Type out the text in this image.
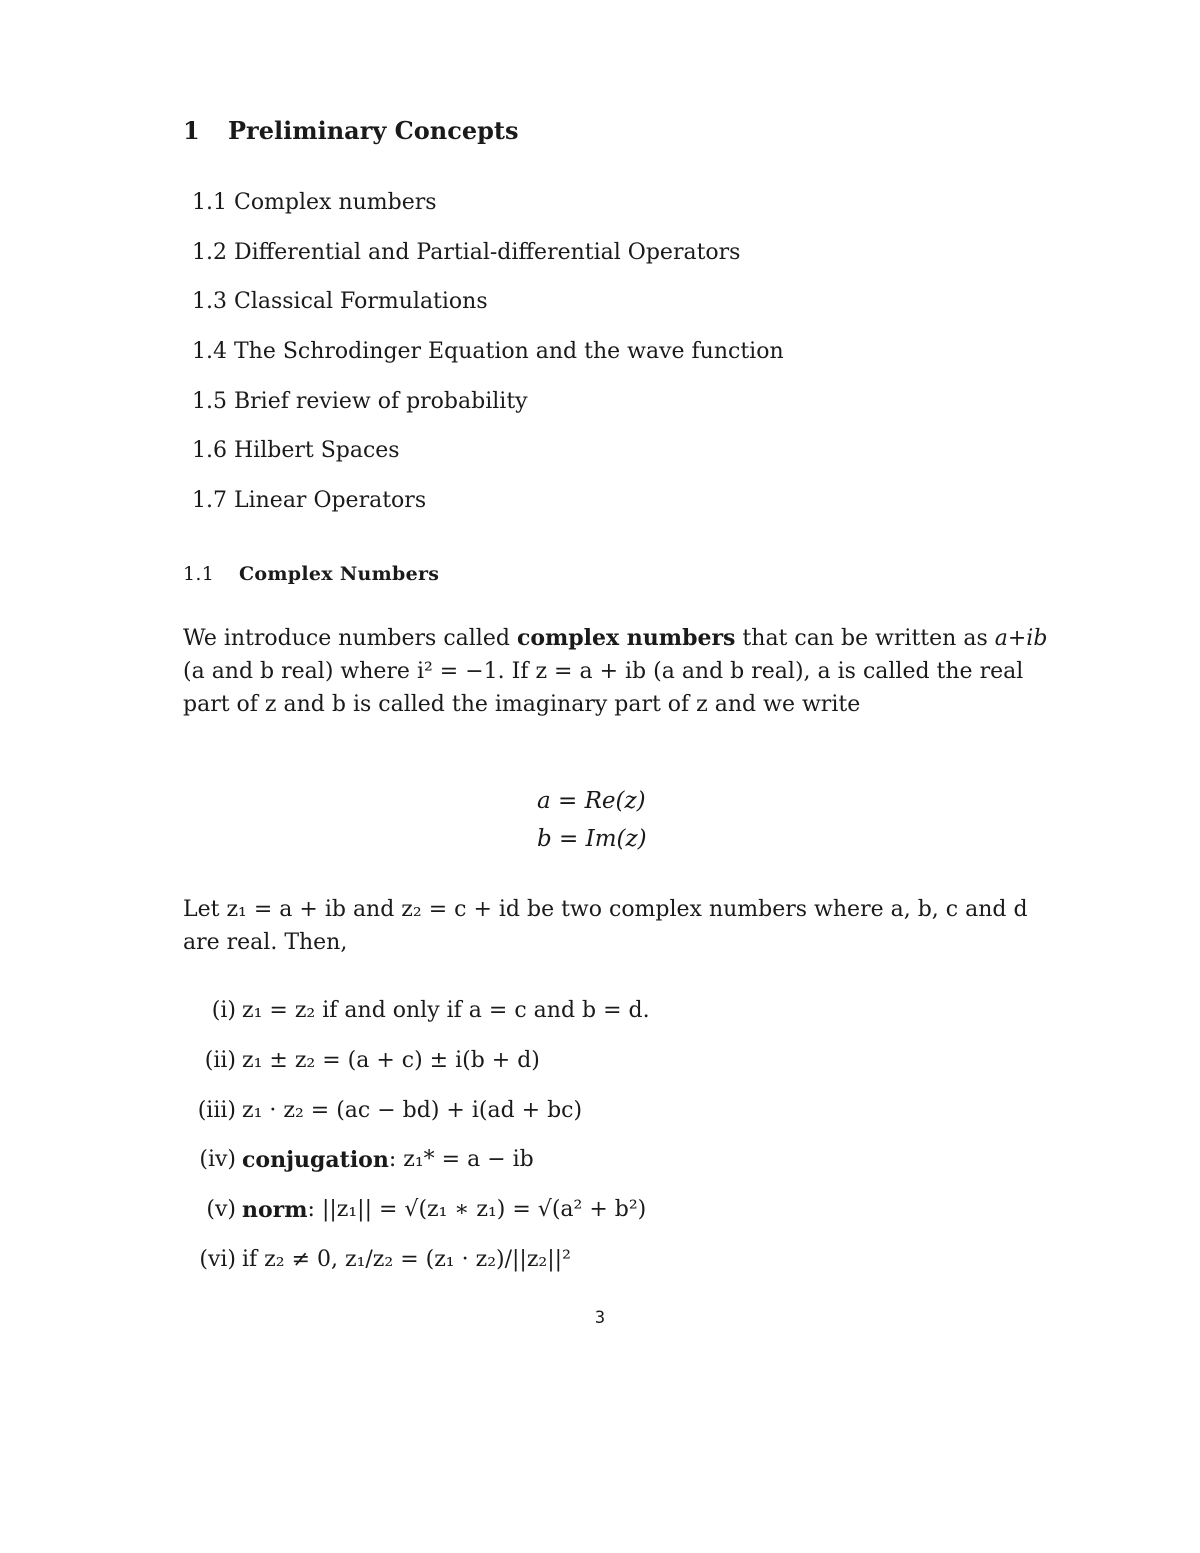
1 Preliminary Concepts
1.1 Complex numbers
1.2 Differential and Partial-differential Operators
1.3 Classical Formulations
1.4 The Schrodinger Equation and the wave function
1.5 Brief review of probability
1.6 Hilbert Spaces
1.7 Linear Operators
1.1 Complex Numbers
We introduce numbers called complex numbers that can be written as a+ib
(a and b real) where i² = −1. If z = a + ib (a and b real), a is called the real
part of z and b is called the imaginary part of z and we write
a = Re(z)
b = Im(z)
Let z₁ = a + ib and z₂ = c + id be two complex numbers where a, b, c and d
are real. Then,
(i) z₁ = z₂ if and only if a = c and b = d.
(ii) z₁ ± z₂ = (a + c) ± i(b + d)
(iii) z₁ · z₂ = (ac − bd) + i(ad + bc)
(iv) conjugation : z₁* = a − ib
(v) norm : ||z₁|| = √(z₁ ∗ z₁) = √(a² + b²)
(vi) if z₂ ≠ 0, z₁/z₂ = (z₁ · z₂)/||z₂||²
3
